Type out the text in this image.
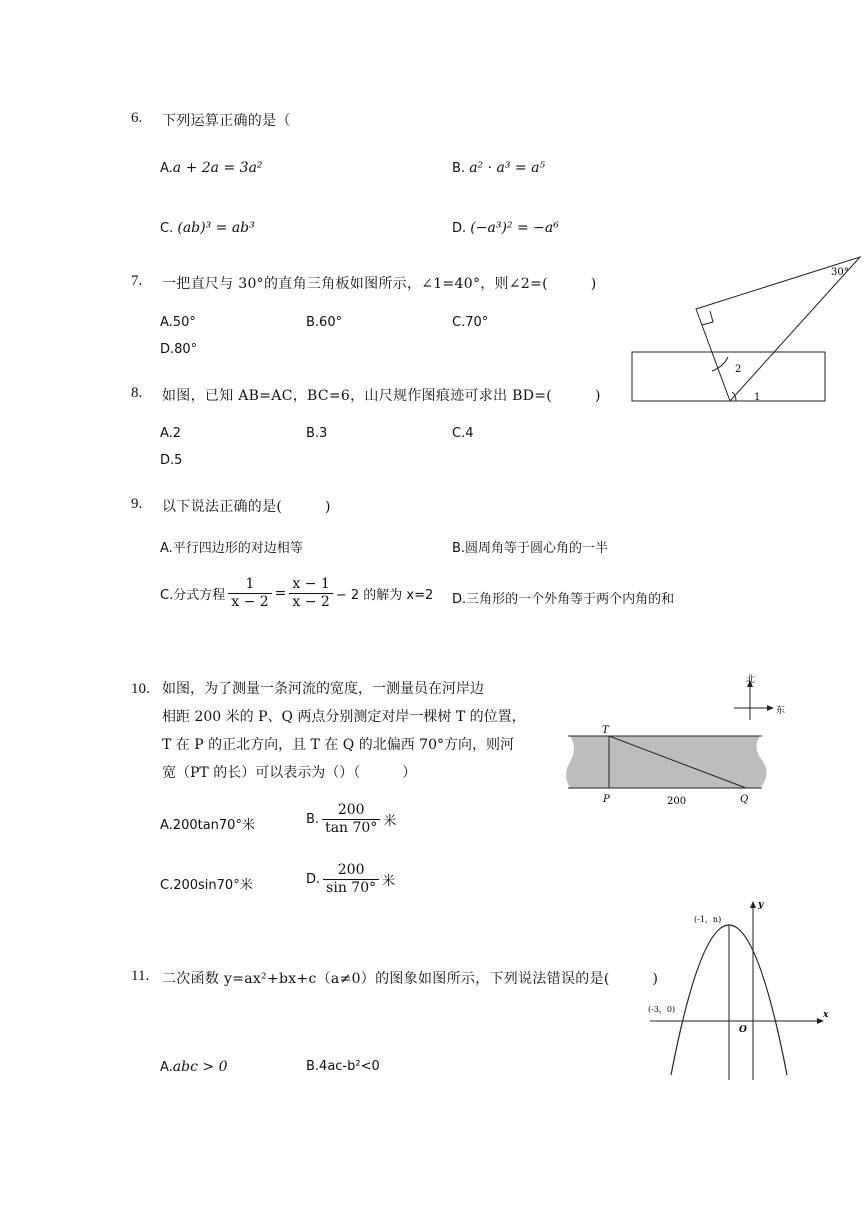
6. 下列运算正确的是（
A.a + 2a = 3a²	B. a² · a³ = a⁵
C. (ab)³ = ab³	D. (−a³)² = −a⁶
7. 一把直尺与 30°的直角三角板如图所示，∠1=40°，则∠2=(　　　)
A.50°	B.60°	C.70°
D.80°
30°
2
1
8. 如图，已知 AB=AC，BC=6，山尺规作图痕迹可求出 BD=(　　　)
A.2	B.3	C.4
D.5
9. 以下说法正确的是(　　　)
A.平行四边形的对边相等	B.圆周角等于圆心角的一半
C.分式方程 $\frac{1}{x - 2} = \frac{x - 1}{x - 2} - 2$ 的解为 x=2 D.三角形的一个外角等于两个内角的和
10. 如图，为了测量一条河流的宽度，一测量员在河岸边
相距 200 米的 P、Q 两点分别测定对岸一棵树 T 的位置，
T 在 P 的正北方向，且 T 在 Q 的北偏西 70°方向，则河
宽（PT 的长）可以表示为（）（　　　）
A.200tan70°米	B. $\frac{200}{\tan 70^\circ}$ 米
C.200sin70°米	D. $\frac{200}{\sin 70^\circ}$ 米
北
东
T
P	Q
200
11. 二次函数 y=ax²+bx+c（a≠0）的图象如图所示，下列说法错误的是(　　　)
A.abc > 0	B.4ac-b²<0
x
y
(-1，n)
(-3，0)
O
